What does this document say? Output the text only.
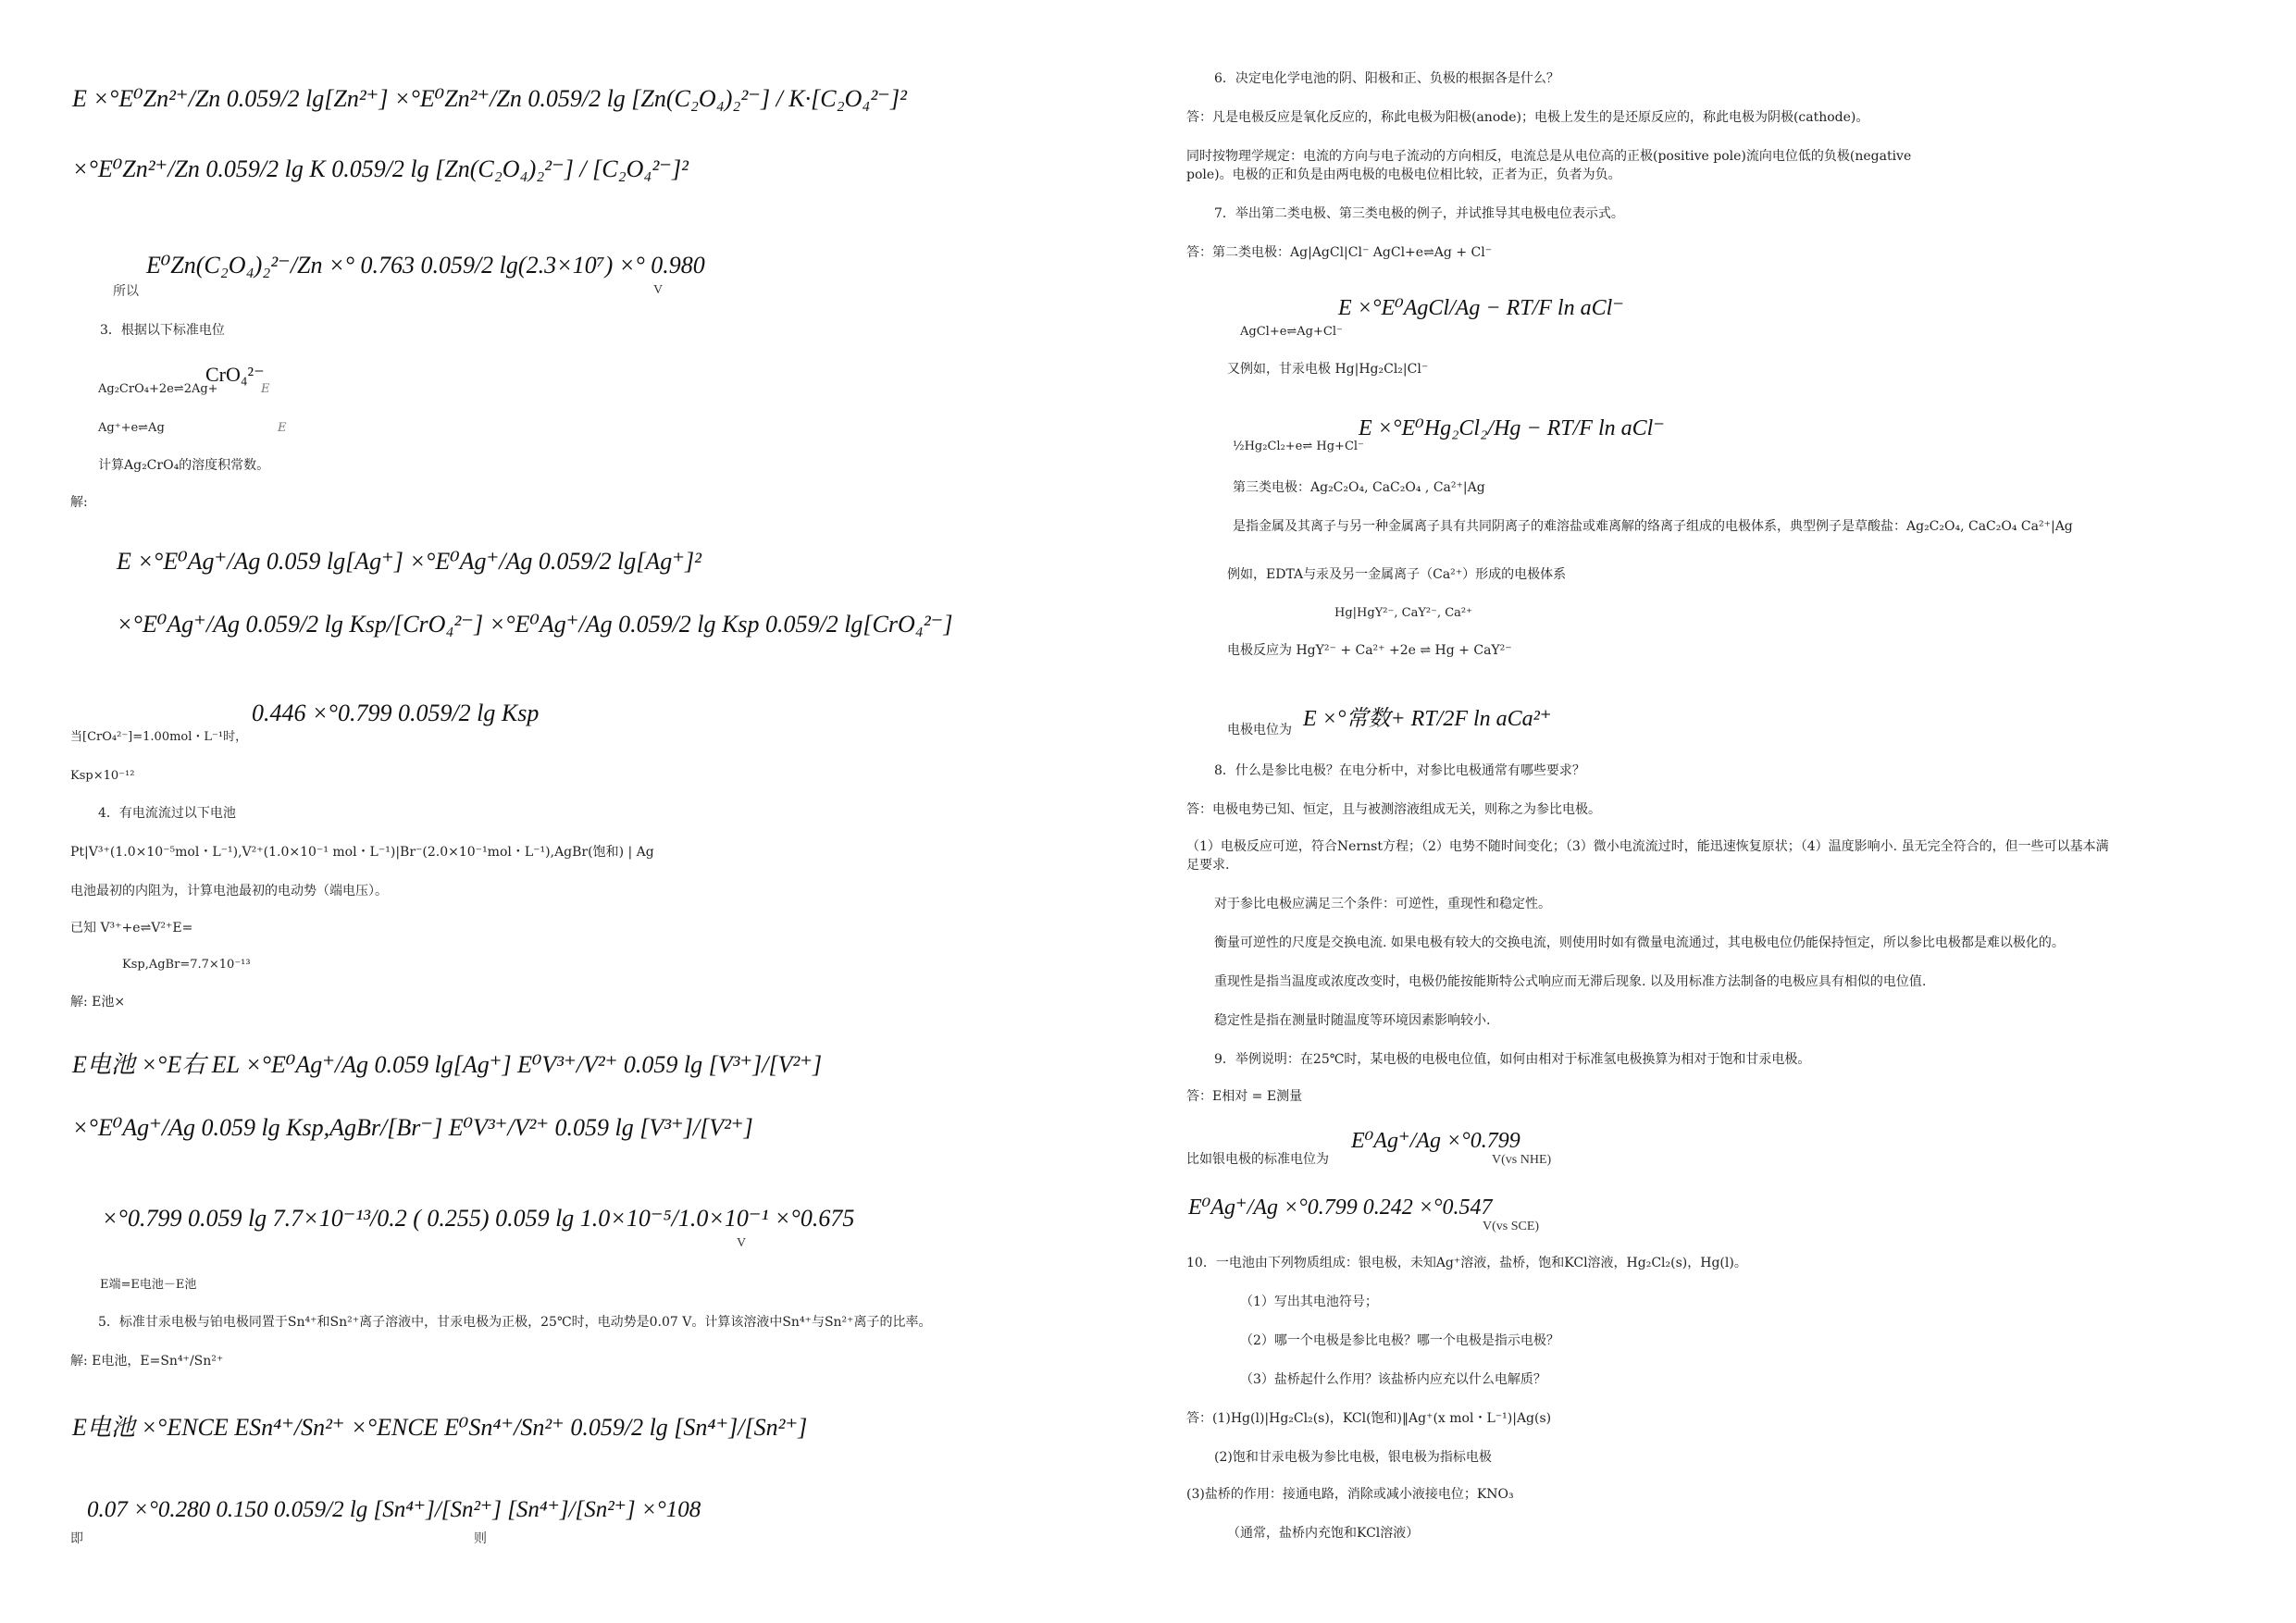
E ×°E⁰Zn²⁺/Zn 0.059/2 lg[Zn²⁺] ×°E⁰Zn²⁺/Zn 0.059/2 lg [Zn(C₂O₄)₂²⁻] / K·[C₂O₄²⁻]²
×°E⁰Zn²⁺/Zn 0.059/2 lg K 0.059/2 lg [Zn(C₂O₄)₂²⁻] / [C₂O₄²⁻]²
所以
E⁰Zn(C₂O₄)₂²⁻/Zn ×° 0.763 0.059/2 lg(2.3×10⁷) ×° 0.980
V
3．根据以下标准电位
Ag₂CrO₄+2e⇌2Ag+
CrO₄²⁻
E
Ag⁺+e⇌Ag	E
计算Ag₂CrO₄的溶度积常数。
解:
E ×°E⁰Ag⁺/Ag 0.059 lg[Ag⁺] ×°E⁰Ag⁺/Ag 0.059/2 lg[Ag⁺]²
×°E⁰Ag⁺/Ag 0.059/2 lg Ksp/[CrO₄²⁻] ×°E⁰Ag⁺/Ag 0.059/2 lg Ksp 0.059/2 lg[CrO₄²⁻]
0.446 ×°0.799 0.059/2 lg Ksp
当[CrO₄²⁻]=1.00mol・L⁻¹时，
Ksp×10⁻¹²
4．有电流流过以下电池
Pt|V³⁺(1.0×10⁻⁵mol・L⁻¹),V²⁺(1.0×10⁻¹ mol・L⁻¹)|Br⁻(2.0×10⁻¹mol・L⁻¹),AgBr(饱和) | Ag
电池最初的内阻为，计算电池最初的电动势（端电压）。
已知 V³⁺+e⇌V²⁺E=
Ksp,AgBr=7.7×10⁻¹³
解: E池×
E电池 ×°E右 EL ×°E⁰Ag⁺/Ag 0.059 lg[Ag⁺] E⁰V³⁺/V²⁺ 0.059 lg [V³⁺]/[V²⁺]
×°E⁰Ag⁺/Ag 0.059 lg Ksp,AgBr/[Br⁻] E⁰V³⁺/V²⁺ 0.059 lg [V³⁺]/[V²⁺]
×°0.799 0.059 lg 7.7×10⁻¹³/0.2 ( 0.255) 0.059 lg 1.0×10⁻⁵/1.0×10⁻¹ ×°0.675
V
E端=E电池－E池
5．标准甘汞电极与铂电极同置于Sn⁴⁺和Sn²⁺离子溶液中，甘汞电极为正极，25℃时，电动势是0.07 V。计算该溶液中Sn⁴⁺与Sn²⁺离子的比率。
解: E电池，E=Sn⁴⁺/Sn²⁺
E电池 ×°ENCE ESn⁴⁺/Sn²⁺ ×°ENCE E⁰Sn⁴⁺/Sn²⁺ 0.059/2 lg [Sn⁴⁺]/[Sn²⁺]
即
0.07 ×°0.280 0.150 0.059/2 lg [Sn⁴⁺]/[Sn²⁺] [Sn⁴⁺]/[Sn²⁺] ×°108
则
6．决定电化学电池的阴、阳极和正、负极的根据各是什么？
答：凡是电极反应是氧化反应的，称此电极为阳极(anode)；电极上发生的是还原反应的，称此电极为阴极(cathode)。
同时按物理学规定：电流的方向与电子流动的方向相反，电流总是从电位高的正极(positive pole)流向电位低的负极(negative
pole)。电极的正和负是由两电极的电极电位相比较，正者为正，负者为负。
7．举出第二类电极、第三类电极的例子，并试推导其电极电位表示式。
答：第二类电极：Ag|AgCl|Cl⁻ AgCl+e⇌Ag + Cl⁻
AgCl+e⇌Ag+Cl⁻
E ×°E⁰AgCl/Ag − RT/F ln aCl⁻
又例如，甘汞电极 Hg|Hg₂Cl₂|Cl⁻
½Hg₂Cl₂+e⇌ Hg+Cl⁻
E ×°E⁰Hg₂Cl₂/Hg − RT/F ln aCl⁻
第三类电极：Ag₂C₂O₄, CaC₂O₄ , Ca²⁺|Ag
是指金属及其离子与另一种金属离子具有共同阴离子的难溶盐或难离解的络离子组成的电极体系，典型例子是草酸盐：Ag₂C₂O₄, CaC₂O₄ Ca²⁺|Ag
例如，EDTA与汞及另一金属离子（Ca²⁺）形成的电极体系
Hg|HgY²⁻, CaY²⁻, Ca²⁺
电极反应为 HgY²⁻ + Ca²⁺ +2e ⇌ Hg + CaY²⁻
电极电位为 E ×°常数+ RT/2F ln aCa²⁺
8．什么是参比电极？在电分析中，对参比电极通常有哪些要求？
答：电极电势已知、恒定，且与被测溶液组成无关，则称之为参比电极。
（1）电极反应可逆，符合Nernst方程；（2）电势不随时间变化；（3）微小电流流过时，能迅速恢复原状；（4）温度影响小. 虽无完全符合的，但一些可以基本满
足要求.
对于参比电极应满足三个条件：可逆性，重现性和稳定性。
衡量可逆性的尺度是交换电流. 如果电极有较大的交换电流，则使用时如有微量电流通过，其电极电位仍能保持恒定，所以参比电极都是难以极化的。
重现性是指当温度或浓度改变时，电极仍能按能斯特公式响应而无滞后现象. 以及用标准方法制备的电极应具有相似的电位值.
稳定性是指在测量时随温度等环境因素影响较小.
9．举例说明：在25℃时，某电极的电极电位值，如何由相对于标准氢电极换算为相对于饱和甘汞电极。
答：E相对 = E测量
比如银电极的标准电位为
E⁰Ag⁺/Ag ×°0.799
V(vs NHE)
E⁰Ag⁺/Ag ×°0.799 0.242 ×°0.547
V(vs SCE)
10．一电池由下列物质组成：银电极，未知Ag⁺溶液，盐桥，饱和KCl溶液，Hg₂Cl₂(s)，Hg(l)。
（1）写出其电池符号；
（2）哪一个电极是参比电极？哪一个电极是指示电极？
（3）盐桥起什么作用？该盐桥内应充以什么电解质？
答：(1)Hg(l)|Hg₂Cl₂(s)，KCl(饱和)‖Ag⁺(x mol・L⁻¹)|Ag(s)
(2)饱和甘汞电极为参比电极，银电极为指标电极
(3)盐桥的作用：接通电路，消除或减小液接电位；KNO₃
（通常，盐桥内充饱和KCl溶液）
